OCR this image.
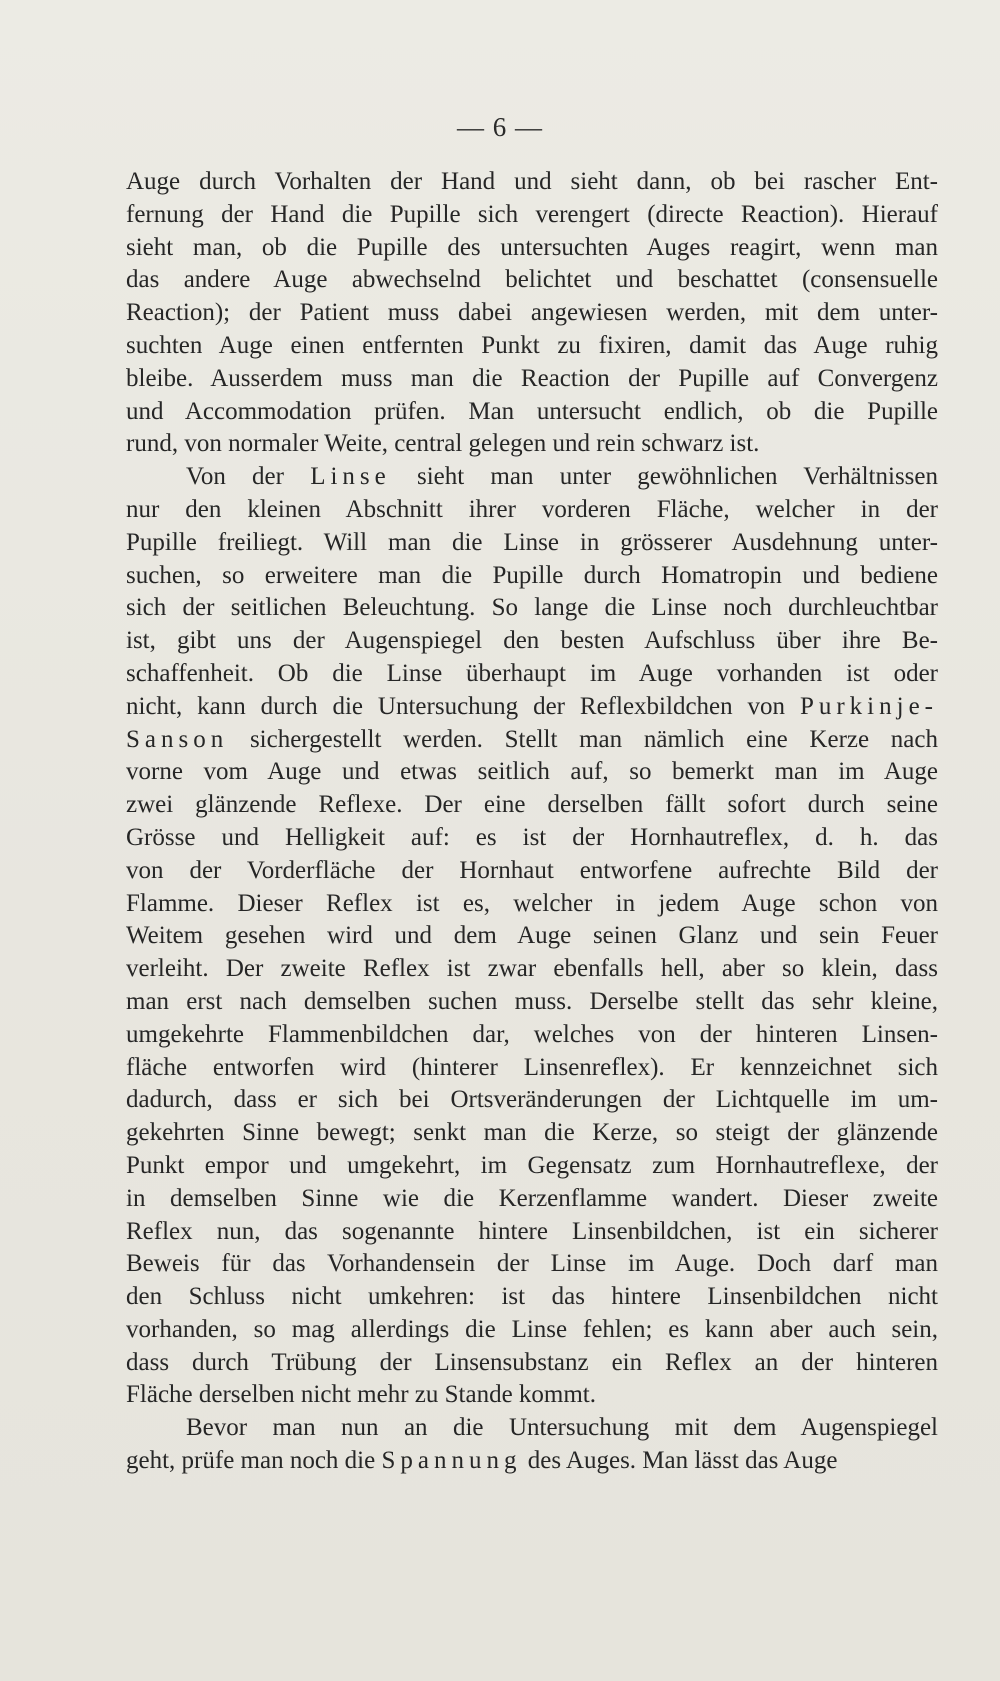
— 6 —
Auge durch Vorhalten der Hand und sieht dann, ob bei rascher Ent-
fernung der Hand die Pupille sich verengert (directe Reaction). Hierauf
sieht man, ob die Pupille des untersuchten Auges reagirt, wenn man
das andere Auge abwechselnd belichtet und beschattet (consensuelle
Reaction); der Patient muss dabei angewiesen werden, mit dem unter-
suchten Auge einen entfernten Punkt zu fixiren, damit das Auge ruhig
bleibe. Ausserdem muss man die Reaction der Pupille auf Convergenz
und Accommodation prüfen. Man untersucht endlich, ob die Pupille
rund, von normaler Weite, central gelegen und rein schwarz ist.
Von der Linse sieht man unter gewöhnlichen Verhältnissen
nur den kleinen Abschnitt ihrer vorderen Fläche, welcher in der
Pupille freiliegt. Will man die Linse in grösserer Ausdehnung unter-
suchen, so erweitere man die Pupille durch Homatropin und bediene
sich der seitlichen Beleuchtung. So lange die Linse noch durchleuchtbar
ist, gibt uns der Augenspiegel den besten Aufschluss über ihre Be-
schaffenheit. Ob die Linse überhaupt im Auge vorhanden ist oder
nicht, kann durch die Untersuchung der Reflexbildchen von Purkinje-
Sanson sichergestellt werden. Stellt man nämlich eine Kerze nach
vorne vom Auge und etwas seitlich auf, so bemerkt man im Auge
zwei glänzende Reflexe. Der eine derselben fällt sofort durch seine
Grösse und Helligkeit auf: es ist der Hornhautreflex, d. h. das
von der Vorderfläche der Hornhaut entworfene aufrechte Bild der
Flamme. Dieser Reflex ist es, welcher in jedem Auge schon von
Weitem gesehen wird und dem Auge seinen Glanz und sein Feuer
verleiht. Der zweite Reflex ist zwar ebenfalls hell, aber so klein, dass
man erst nach demselben suchen muss. Derselbe stellt das sehr kleine,
umgekehrte Flammenbildchen dar, welches von der hinteren Linsen-
fläche entworfen wird (hinterer Linsenreflex). Er kennzeichnet sich
dadurch, dass er sich bei Ortsveränderungen der Lichtquelle im um-
gekehrten Sinne bewegt; senkt man die Kerze, so steigt der glänzende
Punkt empor und umgekehrt, im Gegensatz zum Hornhautreflexe, der
in demselben Sinne wie die Kerzenflamme wandert. Dieser zweite
Reflex nun, das sogenannte hintere Linsenbildchen, ist ein sicherer
Beweis für das Vorhandensein der Linse im Auge. Doch darf man
den Schluss nicht umkehren: ist das hintere Linsenbildchen nicht
vorhanden, so mag allerdings die Linse fehlen; es kann aber auch sein,
dass durch Trübung der Linsensubstanz ein Reflex an der hinteren
Fläche derselben nicht mehr zu Stande kommt.
Bevor man nun an die Untersuchung mit dem Augenspiegel
geht, prüfe man noch die Spannung des Auges. Man lässt das Auge
